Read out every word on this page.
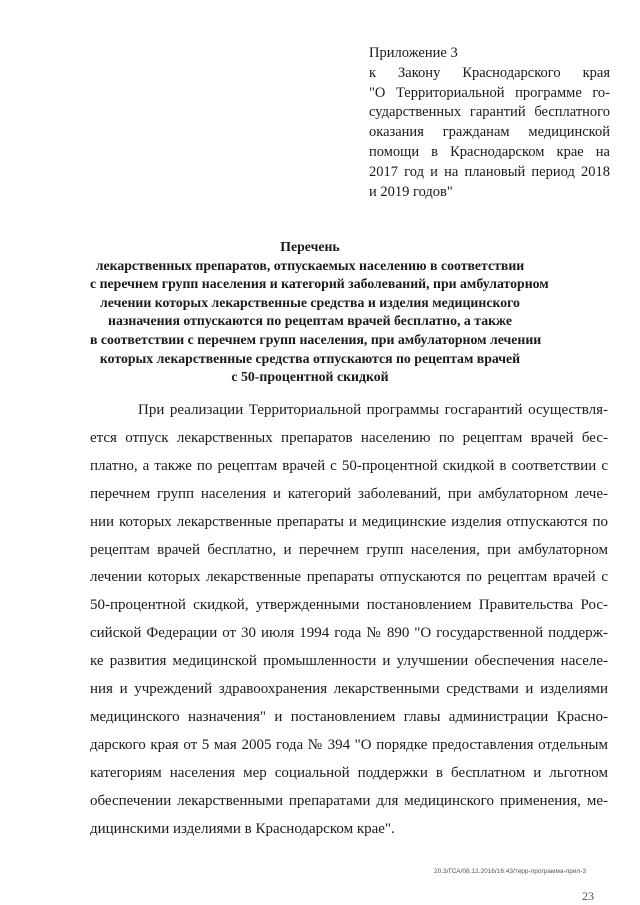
Приложение 3
к Закону Краснодарского края
"О Территориальной программе го-
сударственных гарантий бесплатного
оказания гражданам медицинской
помощи в Краснодарском крае на
2017 год и на плановый период 2018
и 2019 годов"
Перечень
лекарственных препаратов, отпускаемых населению в соответствии
с перечнем групп населения и категорий заболеваний, при амбулаторном
лечении которых лекарственные средства и изделия медицинского
назначения отпускаются по рецептам врачей бесплатно, а также
в соответствии с перечнем групп населения, при амбулаторном лечении
которых лекарственные средства отпускаются по рецептам врачей
с 50-процентной скидкой
При реализации Территориальной программы госгарантий осуществля-
ется отпуск лекарственных препаратов населению по рецептам врачей бес-
платно, а также по рецептам врачей с 50-процентной скидкой в соответствии с
перечнем групп населения и категорий заболеваний, при амбулаторном лече-
нии которых лекарственные препараты и медицинские изделия отпускаются по
рецептам врачей бесплатно, и перечнем групп населения, при амбулаторном
лечении которых лекарственные препараты отпускаются по рецептам врачей с
50-процентной скидкой, утвержденными постановлением Правительства Рос-
сийской Федерации от 30 июля 1994 года № 890 "О государственной поддерж-
ке развития медицинской промышленности и улучшении обеспечения населе-
ния и учреждений здравоохранения лекарственными средствами и изделиями
медицинского назначения" и постановлением главы администрации Красно-
дарского края от 5 мая 2005 года № 394 "О порядке предоставления отдельным
категориям населения мер социальной поддержки в бесплатном и льготном
обеспечении лекарственными препаратами для медицинского применения, ме-
дицинскими изделиями в Краснодарском крае".
20.3/ГСА/08.12.2016/16:43/терр-программа-прил-3
23
